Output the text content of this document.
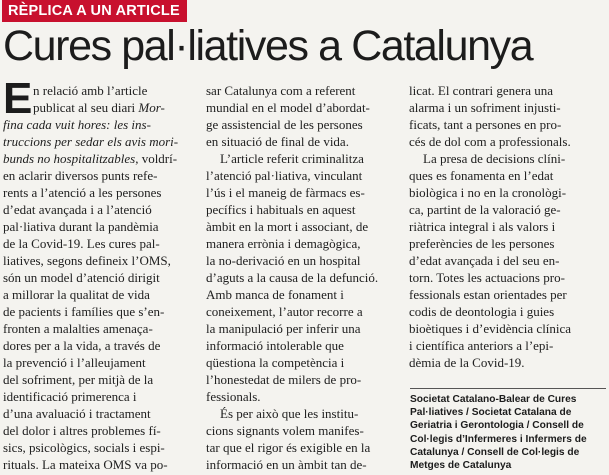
RÈPLICA A UN ARTICLE
Cures pal·liatives a Catalunya
E n relació amb l’article
publicat al seu diari Mor-
fina cada vuit hores: les ins-
truccions per sedar els avis mori-
bunds no hospitalitzables, voldrí-
en aclarir diversos punts refe-
rents a l’atenció a les persones
d’edat avançada i a l’atenció
pal·liativa durant la pandèmia
de la Covid-19. Les cures pal-
liatives, segons defineix l’OMS,
són un model d’atenció dirigit
a millorar la qualitat de vida
de pacients i famílies que s’en-
fronten a malalties amenaça-
dores per a la vida, a través de
la prevenció i l’alleujament
del sofriment, per mitjà de la
identificació primerenca i
d’una avaluació i tractament
del dolor i altres problemes fí-
sics, psicològics, socials i espi-
rituals. La mateixa OMS va po-
sar Catalunya com a referent
mundial en el model d’abordat-
ge assistencial de les persones
en situació de final de vida.
L’article referit criminalitza
l’atenció pal·liativa, vinculant
l’ús i el maneig de fàrmacs es-
pecífics i habituals en aquest
àmbit en la mort i associant, de
manera errònia i demagògica,
la no-derivació en un hospital
d’aguts a la causa de la defunció.
Amb manca de fonament i
coneixement, l’autor recorre a
la manipulació per inferir una
informació intolerable que
qüestiona la competència i
l’honestedat de milers de pro-
fessionals.
És per això que les institu-
cions signants volem manifes-
tar que el rigor és exigible en la
informació en un àmbit tan de-
licat. El contrari genera una
alarma i un sofriment injusti-
ficats, tant a persones en pro-
cés de dol com a professionals.
La presa de decisions clíni-
ques es fonamenta en l’edat
biològica i no en la cronològi-
ca, partint de la valoració ge-
riàtrica integral i als valors i
preferències de les persones
d’edat avançada i del seu en-
torn. Totes les actuacions pro-
fessionals estan orientades per
codis de deontologia i guies
bioètiques i d’evidència clínica
i científica anteriors a l’epi-
dèmia de la Covid-19.
Societat Catalano-Balear de Cures
Pal·liatives / Societat Catalana de
Geriatria i Gerontologia / Consell de
Col·legis d’Infermeres i Infermers de
Catalunya / Consell de Col·legis de
Metges de Catalunya
